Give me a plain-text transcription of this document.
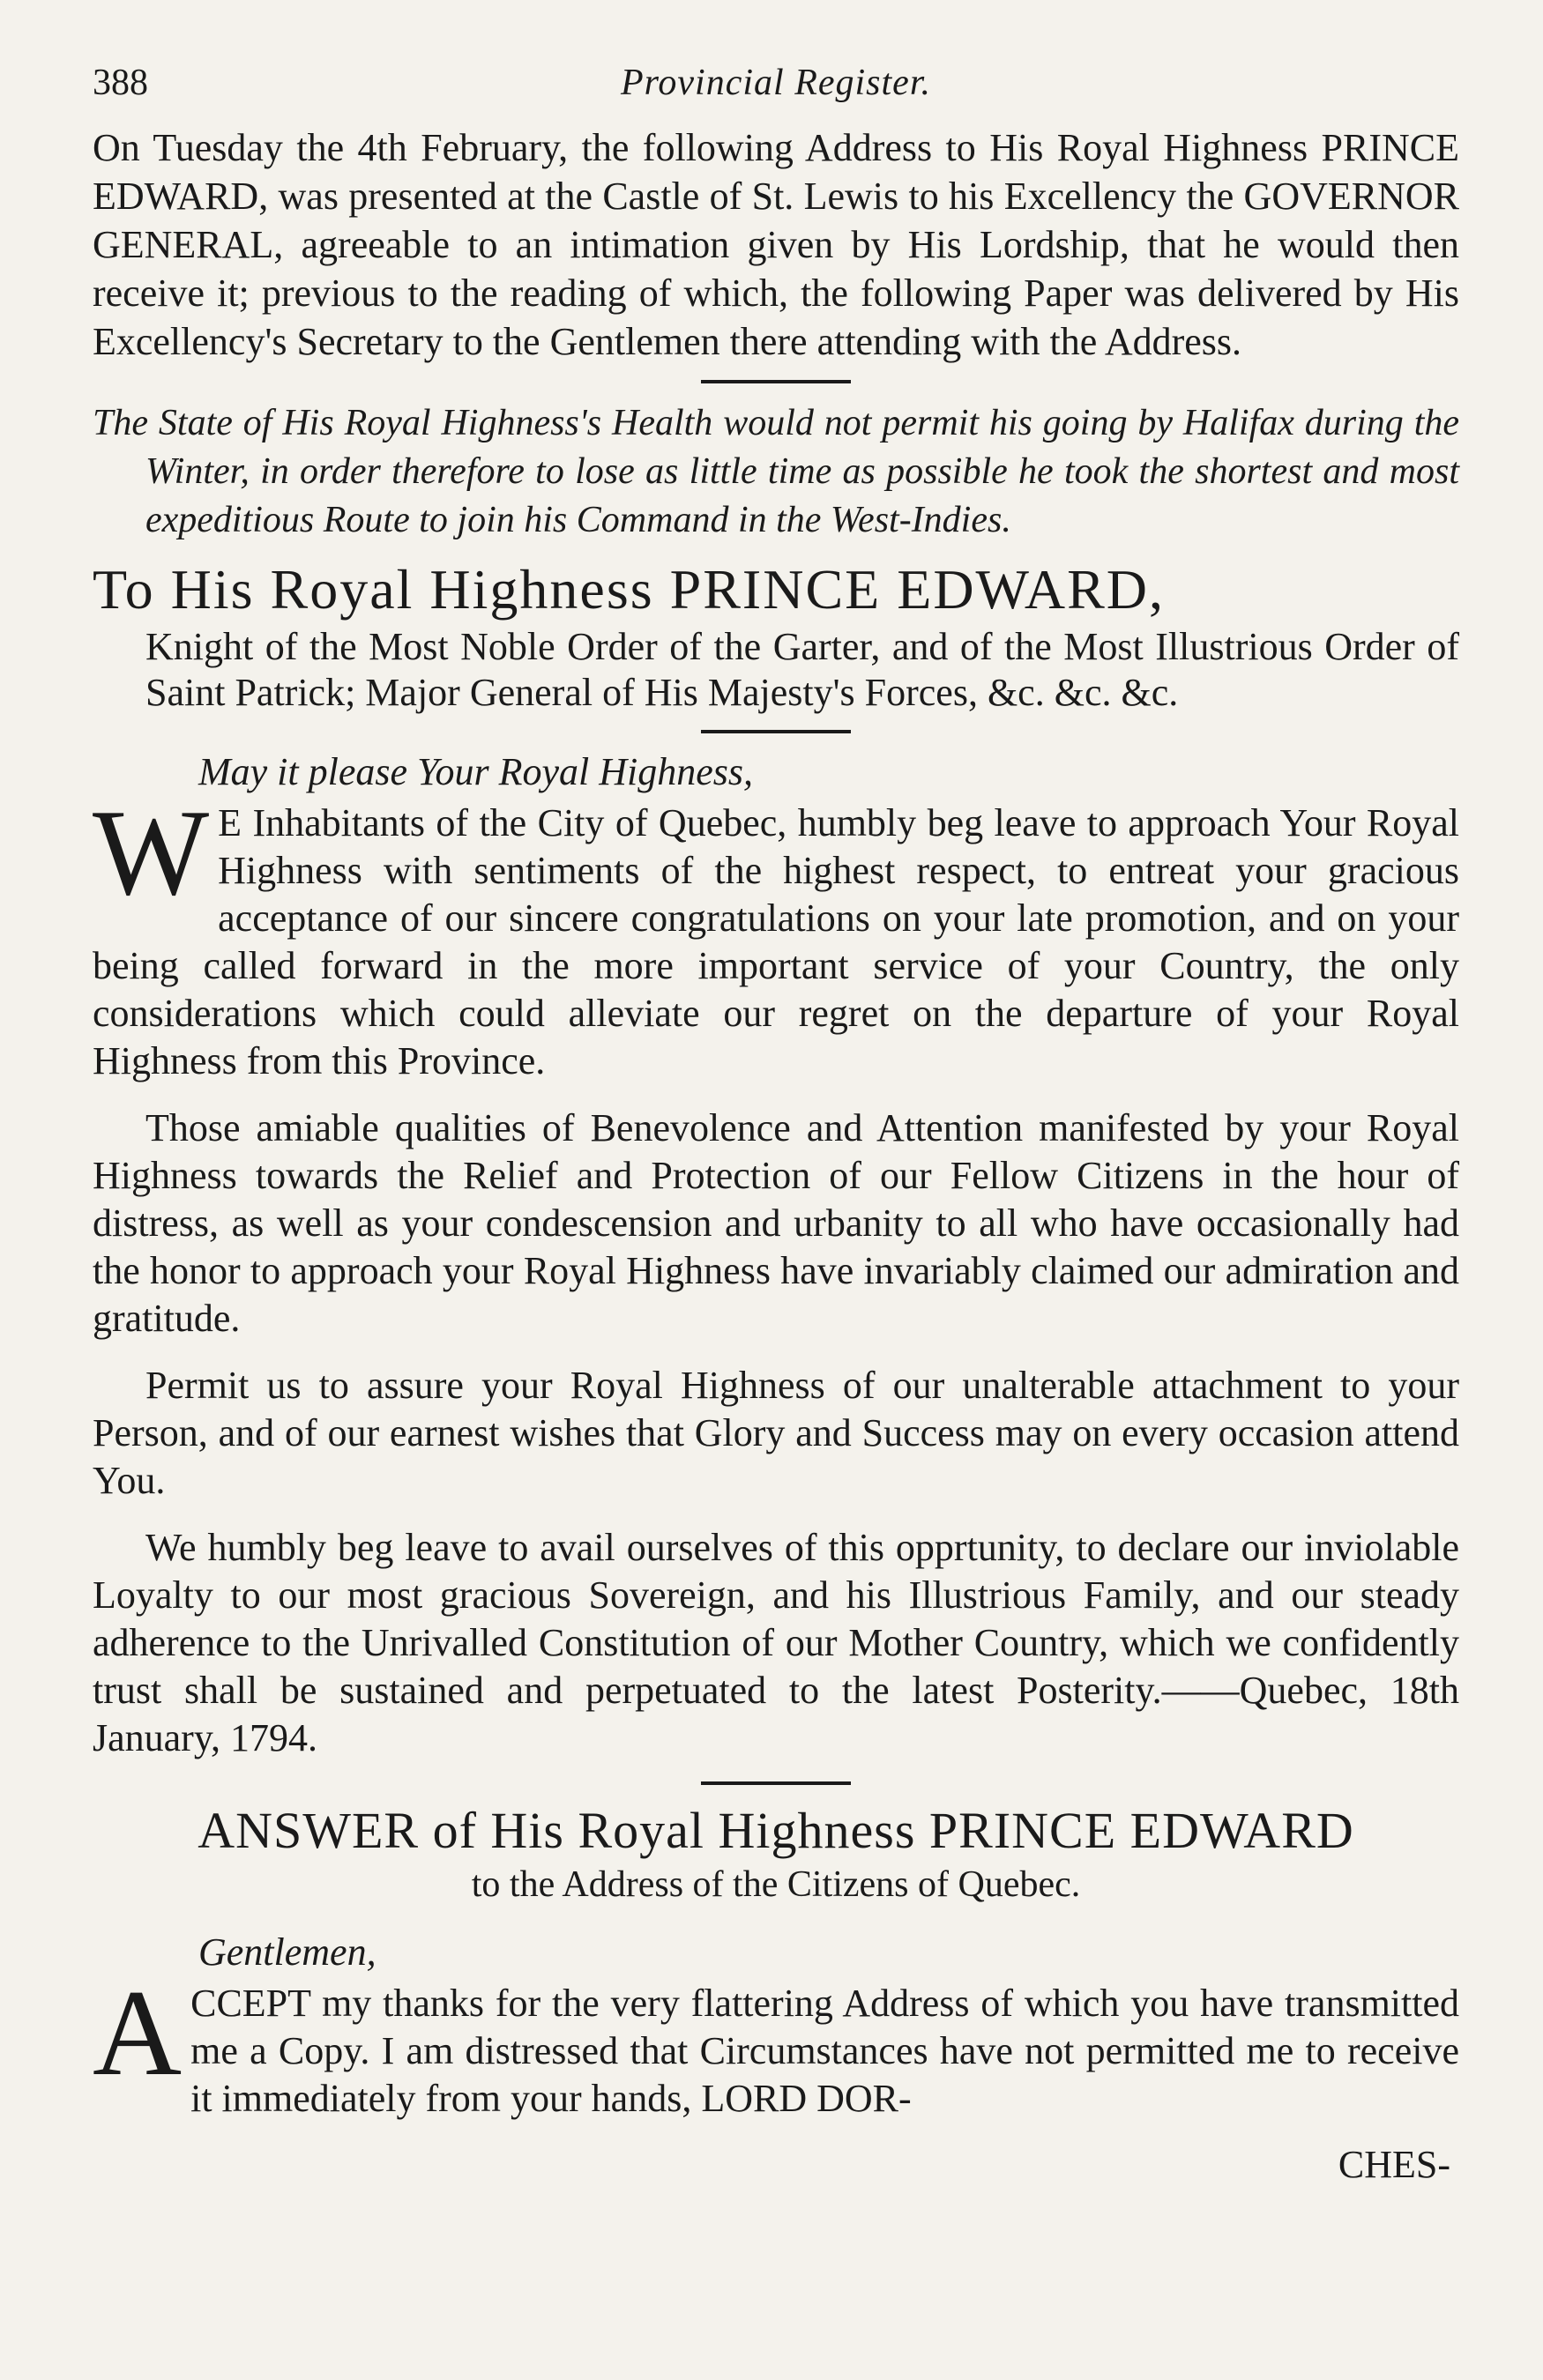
388	Provincial Register.

On Tuesday the 4th February, the following Address to His Royal Highness PRINCE EDWARD, was presented at the Castle of St. Lewis to his Excellency the GOVERNOR GENERAL, agreeable to an intimation given by His Lordship, that he would then receive it; previous to the reading of which, the following Paper was delivered by His Excellency's Secretary to the Gentlemen there attending with the Address.

The State of His Royal Highness's Health would not permit his going by Halifax during the Winter, in order therefore to lose as little time as possible he took the shortest and most expeditious Route to join his Command in the West-Indies.

To His Royal Highness PRINCE EDWARD,

Knight of the Most Noble Order of the Garter, and of the Most Illustrious Order of Saint Patrick; Major General of His Majesty's Forces, &c. &c. &c.

May it please Your Royal Highness,

W E Inhabitants of the City of Quebec, humbly beg leave to approach Your Royal Highness with sentiments of the highest respect, to entreat your gracious acceptance of our sincere congratulations on your late promotion, and on your being called forward in the more important service of your Country, the only considerations which could alleviate our regret on the departure of your Royal Highness from this Province.

Those amiable qualities of Benevolence and Attention manifested by your Royal Highness towards the Relief and Protection of our Fellow Citizens in the hour of distress, as well as your condescension and urbanity to all who have occasionally had the honor to approach your Royal Highness have invariably claimed our admiration and gratitude.

Permit us to assure your Royal Highness of our unalterable attachment to your Person, and of our earnest wishes that Glory and Success may on every occasion attend You.

We humbly beg leave to avail ourselves of this opprtunity, to declare our inviolable Loyalty to our most gracious Sovereign, and his Illustrious Family, and our steady adherence to the Unrivalled Constitution of our Mother Country, which we confidently trust shall be sustained and perpetuated to the latest Posterity.——Quebec, 18th January, 1794.

ANSWER of His Royal Highness PRINCE EDWARD
to the Address of the Citizens of Quebec.
Gentlemen,

A CCEPT my thanks for the very flattering Address of which you have transmitted me a Copy. I am distressed that Circumstances have not permitted me to receive it immediately from your hands, LORD DOR-

CHES-
